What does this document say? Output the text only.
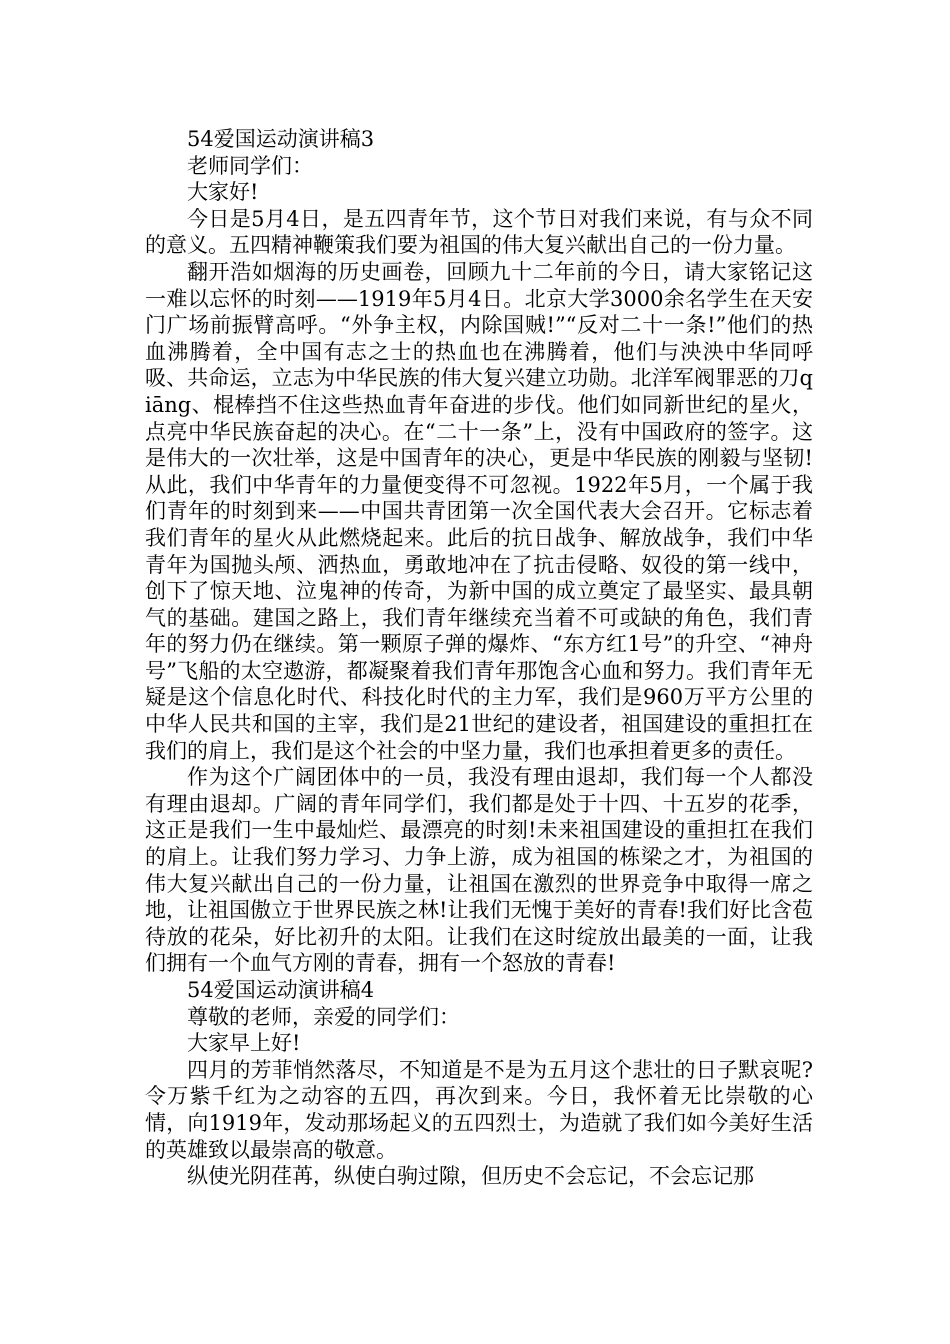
54爱国运动演讲稿3

老师同学们：

大家好!

今日是5月4日，是五四青年节，这个节日对我们来说，有与众不同的意义。五四精神鞭策我们要为祖国的伟大复兴献出自己的一份力量。

翻开浩如烟海的历史画卷，回顾九十二年前的今日，请大家铭记这一难以忘怀的时刻——1919年5月4日。北京大学3000余名学生在天安门广场前振臂高呼。“外争主权，内除国贼!”“反对二十一条!”他们的热血沸腾着，全中国有志之士的热血也在沸腾着，他们与泱泱中华同呼吸、共命运，立志为中华民族的伟大复兴建立功勋。北洋军阀罪恶的刀qiāng、棍棒挡不住这些热血青年奋进的步伐。他们如同新世纪的星火，点亮中华民族奋起的决心。在“二十一条”上，没有中国政府的签字。这是伟大的一次壮举，这是中国青年的决心，更是中华民族的刚毅与坚韧!从此，我们中华青年的力量便变得不可忽视。1922年5月，一个属于我们青年的时刻到来——中国共青团第一次全国代表大会召开。它标志着我们青年的星火从此燃烧起来。此后的抗日战争、解放战争，我们中华青年为国抛头颅、洒热血，勇敢地冲在了抗击侵略、奴役的第一线中，创下了惊天地、泣鬼神的传奇，为新中国的成立奠定了最坚实、最具朝气的基础。建国之路上，我们青年继续充当着不可或缺的角色，我们青年的努力仍在继续。第一颗原子弹的爆炸、“东方红1号”的升空、“神舟号”飞船的太空遨游，都凝聚着我们青年那饱含心血和努力。我们青年无疑是这个信息化时代、科技化时代的主力军，我们是960万平方公里的中华人民共和国的主宰，我们是21世纪的建设者，祖国建设的重担扛在我们的肩上，我们是这个社会的中坚力量，我们也承担着更多的责任。

作为这个广阔团体中的一员，我没有理由退却，我们每一个人都没有理由退却。广阔的青年同学们，我们都是处于十四、十五岁的花季，这正是我们一生中最灿烂、最漂亮的时刻!未来祖国建设的重担扛在我们的肩上。让我们努力学习、力争上游，成为祖国的栋梁之才，为祖国的伟大复兴献出自己的一份力量，让祖国在激烈的世界竞争中取得一席之地，让祖国傲立于世界民族之林!让我们无愧于美好的青春!我们好比含苞待放的花朵，好比初升的太阳。让我们在这时绽放出最美的一面，让我们拥有一个血气方刚的青春，拥有一个怒放的青春!

54爱国运动演讲稿4

尊敬的老师，亲爱的同学们：

大家早上好!

四月的芳菲悄然落尽，不知道是不是为五月这个悲壮的日子默哀呢?令万紫千红为之动容的五四，再次到来。今日，我怀着无比崇敬的心情，向1919年，发动那场起义的五四烈士，为造就了我们如今美好生活的英雄致以最崇高的敬意。

纵使光阴荏苒，纵使白驹过隙，但历史不会忘记，不会忘记那
